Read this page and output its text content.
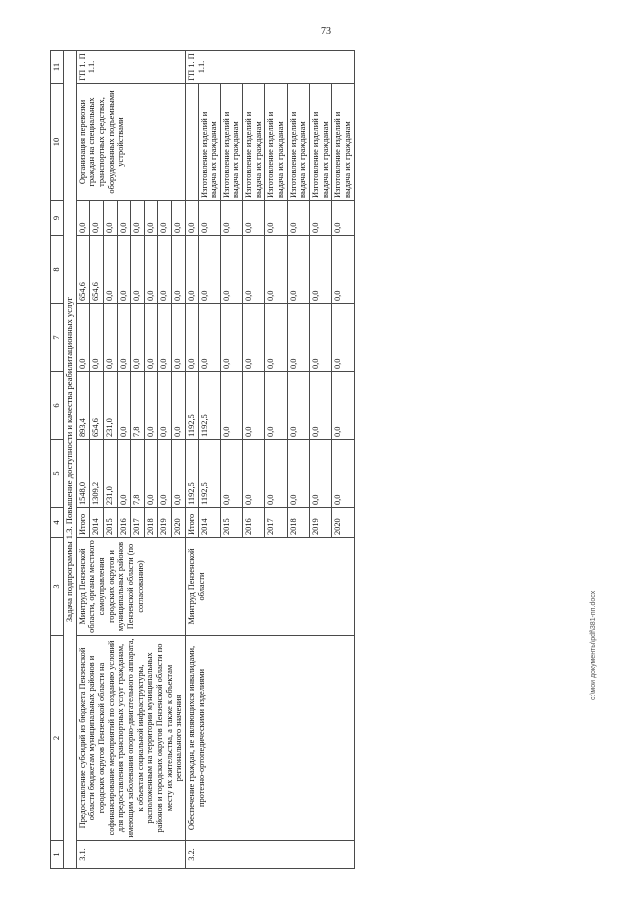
73
1	2	3	4	5	6	7	8	9	10	11
Задача подпрограммы 1.3. Повышение доступности и качества реабилитационных услуг										
3.1.	Предоставление субсидий из бюджета Пензенской области бюджетам муниципальных районов и городских округов Пензенской области на софинансирование мероприятий по созданию условий для предоставления транспортных услуг гражданам, имеющим заболевания опорно-двигательного аппарата, к объектам социальной инфраструктуры, расположенным на территории муниципальных районов и городских округов Пензенской области по месту их жительства, а также к объектам регионального значения	Минтруд Пензенской области, органы местного самоуправления городских округов и муниципальных районов Пензенской области (по согласованию)	Итого	1548,0	893,4	0,0	654,6	0,0	Организация перевозки граждан на специальных транспортных средствах, оборудованных подъемными устройствами	ГП 1. П 1.1.
			2014	1309,2	654,6	0,0	654,6	0,0		
			2015	231,0	231,0	0,0	0,0	0,0		
			2016	0,0	0,0	0,0	0,0	0,0		
			2017	7,8	7,8	0,0	0,0	0,0		
			2018	0,0	0,0	0,0	0,0	0,0		
			2019	0,0	0,0	0,0	0,0	0,0		
			2020	0,0	0,0	0,0	0,0	0,0		
3.2.	Обеспечение граждан, не являющихся инвалидами, протезно-ортопедическими изделиями	Минтруд Пензенской области	Итого	1192,5	1192,5	0,0	0,0	0,0		ГП 1. П 1.1.
			2014	1192,5	1192,5	0,0	0,0	0,0	Изготовление изделий и выдача их гражданам	
			2015	0,0	0,0	0,0	0,0	0,0	Изготовление изделий и выдача их гражданам	
			2016	0,0	0,0	0,0	0,0	0,0	Изготовление изделий и выдача их гражданам	
			2017	0,0	0,0	0,0	0,0	0,0	Изготовление изделий и выдача их гражданам	
			2018	0,0	0,0	0,0	0,0	0,0	Изготовление изделий и выдача их гражданам	
			2019	0,0	0,0	0,0	0,0	0,0	Изготовление изделий и выдача их гражданам	
			2020	0,0	0,0	0,0	0,0	0,0	Изготовление изделий и выдача их гражданам	
c:\мои документы\pdf\381-пп.docx
